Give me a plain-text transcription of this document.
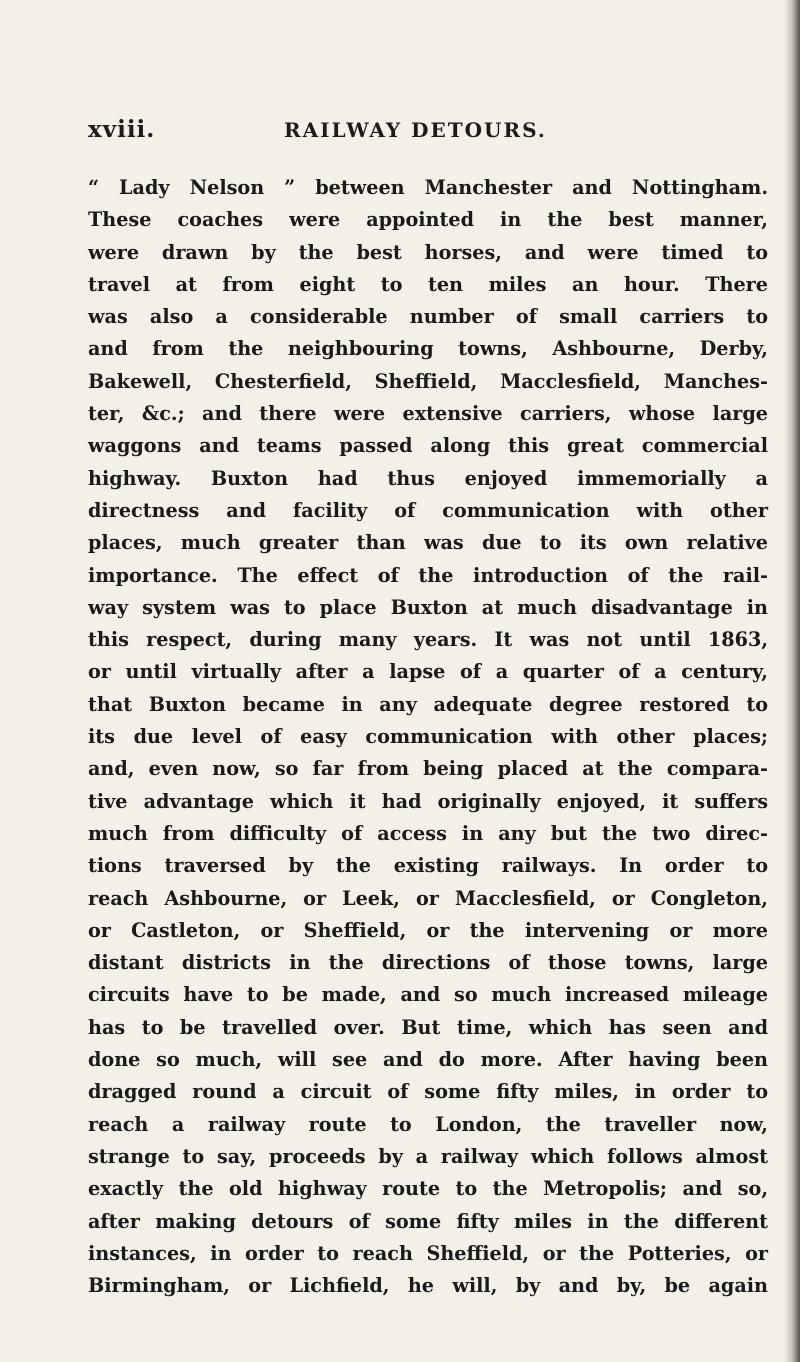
xviii.	RAILWAY DETOURS.
“ Lady Nelson ” between Manchester and Nottingham.
These coaches were appointed in the best manner,
were drawn by the best horses, and were timed to
travel at from eight to ten miles an hour. There
was also a considerable number of small carriers to
and from the neighbouring towns, Ashbourne, Derby,
Bakewell, Chesterfield, Sheffield, Macclesfield, Manches-
ter, &c.; and there were extensive carriers, whose large
waggons and teams passed along this great commercial
highway. Buxton had thus enjoyed immemorially a
directness and facility of communication with other
places, much greater than was due to its own relative
importance. The effect of the introduction of the rail-
way system was to place Buxton at much disadvantage in
this respect, during many years. It was not until 1863,
or until virtually after a lapse of a quarter of a century,
that Buxton became in any adequate degree restored to
its due level of easy communication with other places;
and, even now, so far from being placed at the compara-
tive advantage which it had originally enjoyed, it suffers
much from difficulty of access in any but the two direc-
tions traversed by the existing railways. In order to
reach Ashbourne, or Leek, or Macclesfield, or Congleton,
or Castleton, or Sheffield, or the intervening or more
distant districts in the directions of those towns, large
circuits have to be made, and so much increased mileage
has to be travelled over. But time, which has seen and
done so much, will see and do more. After having been
dragged round a circuit of some fifty miles, in order to
reach a railway route to London, the traveller now,
strange to say, proceeds by a railway which follows almost
exactly the old highway route to the Metropolis; and so,
after making detours of some fifty miles in the different
instances, in order to reach Sheffield, or the Potteries, or
Birmingham, or Lichfield, he will, by and by, be again
